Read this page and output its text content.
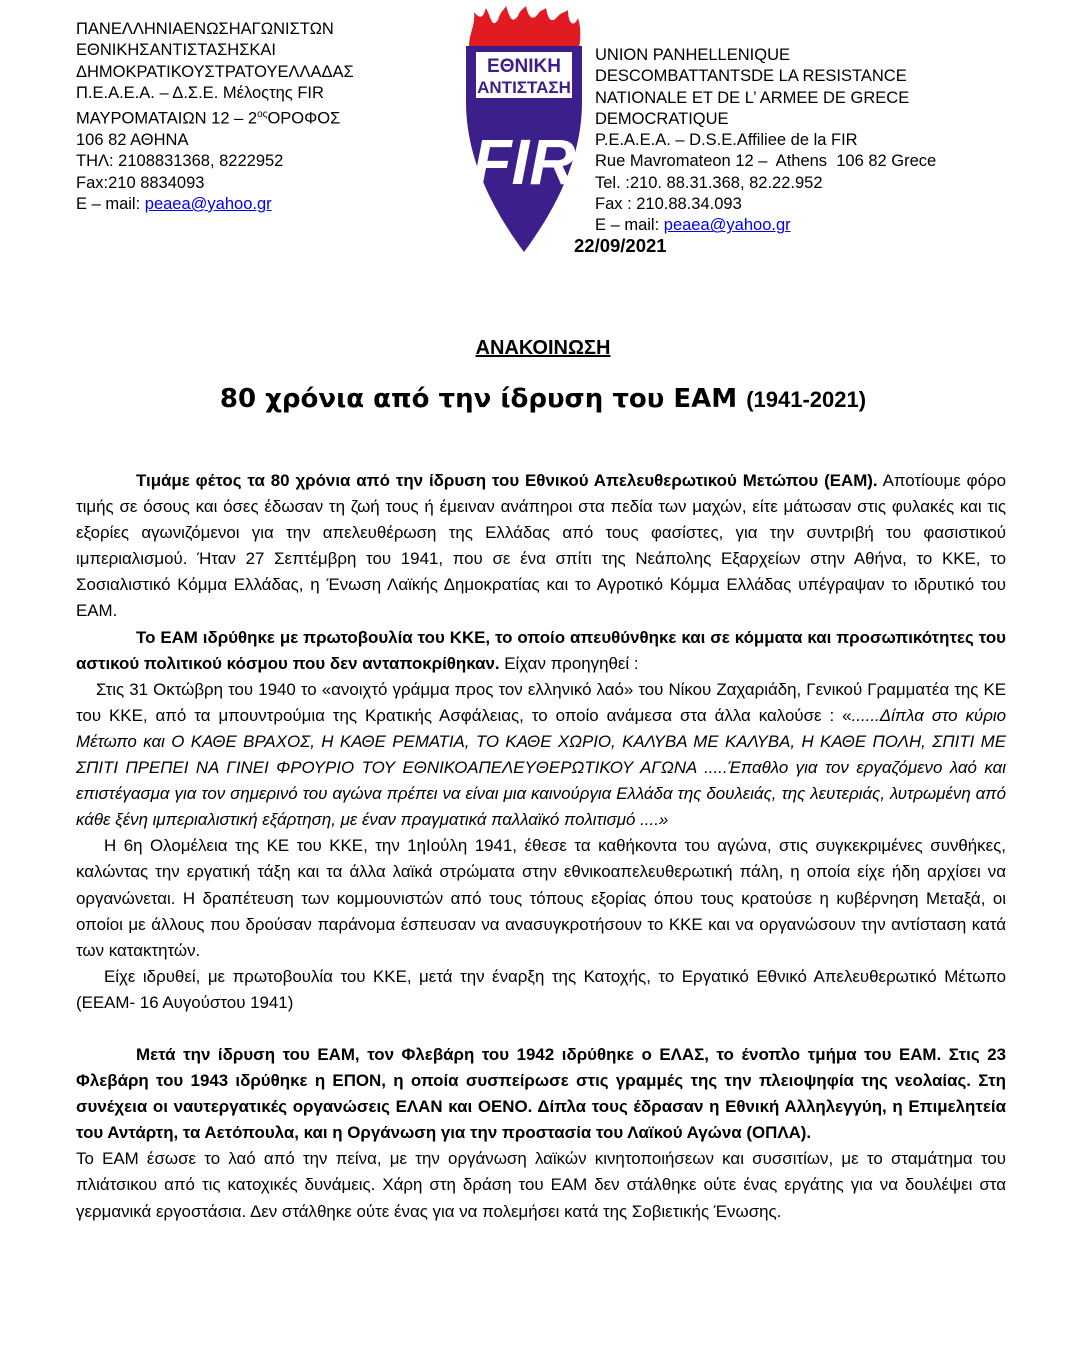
ΠΑΝΕΛΛΗΝΙΑΕΝΩΣΗΑΓΩΝΙΣΤΩΝ
ΕΘΝΙΚΗΣΑΝΤΙΣΤΑΣΗΣΚΑΙ
ΔΗΜΟΚΡΑΤΙΚΟΥΣΤΡΑΤΟΥΕΛΛΑΔΑΣ
Π.Ε.Α.Ε.Α. – Δ.Σ.Ε. Μέλοςτης FIR
ΜΑΥΡΟΜΑΤΑΙΩΝ $12 - 2^{o\varsigma}OPO\Phi O\Sigma$
106 82 ΑΘΗΝΑ
ΤΗΛ: 2108831368, 8222952
Fax:210 8834093
E – mail: peaea@yahoo.gr
ΕΘΝΙΚΗ
ΑΝΤΙΣΤΑΣΗ
FIR
UNION PANHELLENIQUE
DESCOMBATTANTSDE LA RESISTANCE
NATIONALE ET DE L’ ARMEE DE GRECE
DEMOCRATIQUE
P.E.A.E.A. – D.S.E.Affiliee de la FIR
Rue Mavromateon 12 –  Athens  106 82 Grece
Tel. :210. 88.31.368, 82.22.952
Fax : 210.88.34.093
E – mail: peaea@yahoo.gr
22/09/2021
ΑΝΑΚΟΙΝΩΣΗ
80 χρόνια από την ίδρυση του ΕΑΜ (1941-2021)

Τιμάμε φέτος τα 80 χρόνια από την ίδρυση του Εθνικού Απελευθερωτικού Μετώπου (ΕΑΜ). Αποτίουμε φόρο τιμής σε όσους και όσες έδωσαν τη ζωή τους ή έμειναν ανάπηροι στα πεδία των μαχών, είτε μάτωσαν στις φυλακές και τις εξορίες αγωνιζόμενοι για την απελευθέρωση της Ελλάδας από τους φασίστες, για την συντριβή του φασιστικού ιμπεριαλισμού. Ήταν 27 Σεπτέμβρη του 1941, που σε ένα σπίτι της Νεάπολης Εξαρχείων στην Αθήνα, το ΚΚΕ, το Σοσιαλιστικό Κόμμα Ελλάδας, η Ένωση Λαϊκής Δημοκρατίας και το Αγροτικό Κόμμα Ελλάδας υπέγραψαν το ιδρυτικό του ΕΑΜ.

Το ΕΑΜ ιδρύθηκε με πρωτοβουλία του ΚΚΕ, το οποίο απευθύνθηκε και σε κόμματα και προσωπικότητες του αστικού πολιτικού κόσμου που δεν ανταποκρίθηκαν. Είχαν προηγηθεί :

Στις 31 Οκτώβρη του 1940 το «ανοιχτό γράμμα προς τον ελληνικό λαό» του Νίκου Ζαχαριάδη, Γενικού Γραμματέα της ΚΕ του ΚΚΕ, από τα μπουντρούμια της Κρατικής Ασφάλειας, το οποίο ανάμεσα στα άλλα καλούσε : «......Δίπλα στο κύριο Μέτωπο και Ο ΚΑΘΕ ΒΡΑΧΟΣ, Η ΚΑΘΕ ΡΕΜΑΤΙΑ, ΤΟ ΚΑΘΕ ΧΩΡΙΟ, ΚΑΛΥΒΑ ΜΕ ΚΑΛΥΒΑ, Η ΚΑΘΕ ΠΟΛΗ, ΣΠΙΤΙ ΜΕ ΣΠΙΤΙ ΠΡΕΠΕΙ ΝΑ ΓΙΝΕΙ ΦΡΟΥΡΙΟ ΤΟΥ ΕΘΝΙΚΟΑΠΕΛΕΥΘΕΡΩΤΙΚΟΥ ΑΓΩΝΑ .....Έπαθλο για τον εργαζόμενο λαό και επιστέγασμα για τον σημερινό του αγώνα πρέπει να είναι μια καινούργια Ελλάδα της δουλειάς, της λευτεριάς, λυτρωμένη από κάθε ξένη ιμπεριαλιστική εξάρτηση, με έναν πραγματικά παλλαϊκό πολιτισμό ....»

Η 6η Ολομέλεια της ΚΕ του ΚΚΕ, την 1ηΙούλη 1941, έθεσε τα καθήκοντα του αγώνα, στις συγκεκριμένες συνθήκες, καλώντας την εργατική τάξη και τα άλλα λαϊκά στρώματα στην εθνικοαπελευθερωτική πάλη, η οποία είχε ήδη αρχίσει να οργανώνεται. Η δραπέτευση των κομμουνιστών από τους τόπους εξορίας όπου τους κρατούσε η κυβέρνηση Μεταξά, οι οποίοι με άλλους που δρούσαν παράνομα έσπευσαν να ανασυγκροτήσουν το ΚΚΕ και να οργανώσουν την αντίσταση κατά των κατακτητών.

Είχε ιδρυθεί, με πρωτοβουλία του ΚΚΕ, μετά την έναρξη της Κατοχής, το Εργατικό Εθνικό Απελευθερωτικό Μέτωπο (ΕΕΑΜ- 16 Αυγούστου 1941)

Μετά την ίδρυση του ΕΑΜ, τον Φλεβάρη του 1942 ιδρύθηκε ο ΕΛΑΣ, το ένοπλο τμήμα του ΕΑΜ. Στις 23 Φλεβάρη του 1943 ιδρύθηκε η ΕΠΟΝ, η οποία συσπείρωσε στις γραμμές της την πλειοψηφία της νεολαίας. Στη συνέχεια οι ναυτεργατικές οργανώσεις ΕΛΑΝ και ΟΕΝΟ. Δίπλα τους έδρασαν η Εθνική Αλληλεγγύη, η Επιμελητεία του Αντάρτη, τα Αετόπουλα, και η Οργάνωση για την προστασία του Λαϊκού Αγώνα (ΟΠΛΑ).

Το ΕΑΜ έσωσε το λαό από την πείνα, με την οργάνωση λαϊκών κινητοποιήσεων και συσσιτίων, με το σταμάτημα του πλιάτσικου από τις κατοχικές δυνάμεις. Χάρη στη δράση του ΕΑΜ δεν στάλθηκε ούτε ένας εργάτης για να δουλέψει στα γερμανικά εργοστάσια. Δεν στάλθηκε ούτε ένας για να πολεμήσει κατά της Σοβιετικής Ένωσης.
